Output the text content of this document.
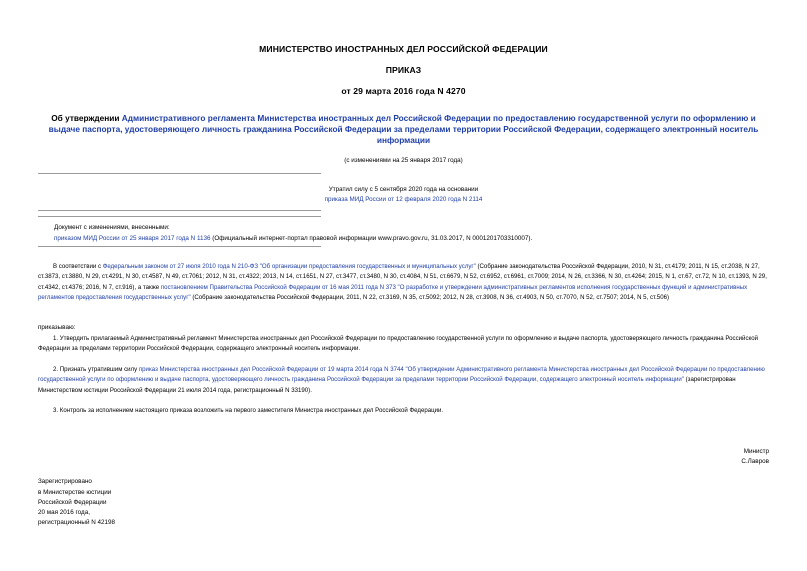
МИНИСТЕРСТВО ИНОСТРАННЫХ ДЕЛ РОССИЙСКОЙ ФЕДЕРАЦИИ
ПРИКАЗ
от 29 марта 2016 года N 4270
Об утверждении Административного регламента Министерства иностранных дел Российской Федерации по предоставлению государственной услуги по оформлению и выдаче паспорта, удостоверяющего личность гражданина Российской Федерации за пределами территории Российской Федерации, содержащего электронный носитель информации
(с изменениями на 25 января 2017 года)
Утратил силу с 5 сентября 2020 года на основании
приказа МИД России от 12 февраля 2020 года N 2114
Документ с изменениями, внесенными:
приказом МИД России от 25 января 2017 года N 1136 (Официальный интернет-портал правовой информации www.pravo.gov.ru, 31.03.2017, N 0001201703310007).
В соответствии с Федеральным законом от 27 июля 2010 года N 210-ФЗ "Об организации предоставления государственных и муниципальных услуг" (Собрание законодательства Российской Федерации, 2010, N 31, ст.4179; 2011, N 15, ст.2038, N 27, ст.3873, ст.3880, N 29, ст.4291, N 30, ст.4587, N 49, ст.7061; 2012, N 31, ст.4322; 2013, N 14, ст.1651, N 27, ст.3477, ст.3480, N 30, ст.4084, N 51, ст.6679, N 52, ст.6952, ст.6961, ст.7009; 2014, N 26, ст.3366, N 30, ст.4264; 2015, N 1, ст.67, ст.72, N 10, ст.1393, N 29, ст.4342, ст.4376; 2016, N 7, ст.916), а также постановлением Правительства Российской Федерации от 16 мая 2011 года N 373 "О разработке и утверждении административных регламентов исполнения государственных функций и административных регламентов предоставления государственных услуг" (Собрание законодательства Российской Федерации, 2011, N 22, ст.3169, N 35, ст.5092; 2012, N 28, ст.3908, N 36, ст.4903, N 50, ст.7070, N 52, ст.7507; 2014, N 5, ст.506)
приказываю:
1. Утвердить прилагаемый Административный регламент Министерства иностранных дел Российской Федерации по предоставлению государственной услуги по оформлению и выдаче паспорта, удостоверяющего личность гражданина Российской Федерации за пределами территории Российской Федерации, содержащего электронный носитель информации.
2. Признать утратившим силу приказ Министерства иностранных дел Российской Федерации от 19 марта 2014 года N 3744 "Об утверждении Административного регламента Министерства иностранных дел Российской Федерации по предоставлению государственной услуги по оформлению и выдаче паспорта, удостоверяющего личность гражданина Российской Федерации за пределами территории Российской Федерации, содержащего электронный носитель информации" (зарегистрирован Министерством юстиции Российской Федерации 21 июля 2014 года, регистрационный N 33190).
3. Контроль за исполнением настоящего приказа возложить на первого заместителя Министра иностранных дел Российской Федерации.
Министр
С.Лавров
Зарегистрировано
в Министерстве юстиции
Российской Федерации
20 мая 2016 года,
регистрационный N 42198
